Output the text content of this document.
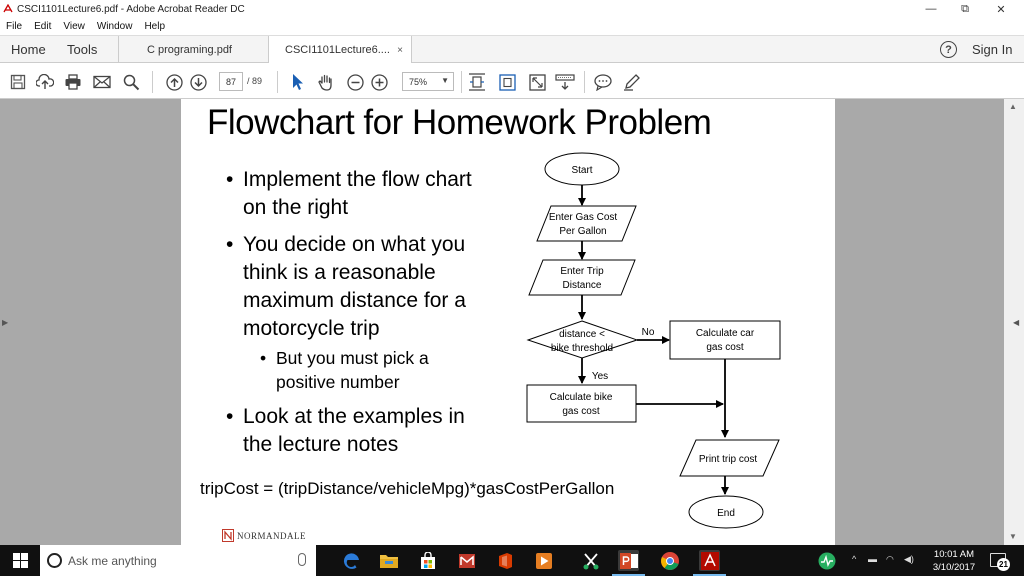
CSCI1101Lecture6.pdf - Adobe Acrobat Reader DC	—	⧉	✕
File Edit View Window Help
Home Tools	C programing.pdf	CSCI1101Lecture6.... ×	?	Sign In
87	/ 89	75% ▼
Flowchart for Homework Problem
• Implement the flow chart
on the right
• You decide on what you
think is a reasonable
maximum distance for a
motorcycle trip
• But you must pick a
positive number
• Look at the examples in
the lecture notes
tripCost = (tripDistance/vehicleMpg)*gasCostPerGallon
NORMANDALE
Start
Enter Gas Cost
Per Gallon
Enter Trip
Distance
distance <
bike threshold
No	Calculate car
gas cost
Yes
Calculate bike
gas cost
Print trip cost
End
▶
▲
▼
◀
Ask me anything	^ ▬ ◠ ◀)	10:01 AM
3/10/2017	21
